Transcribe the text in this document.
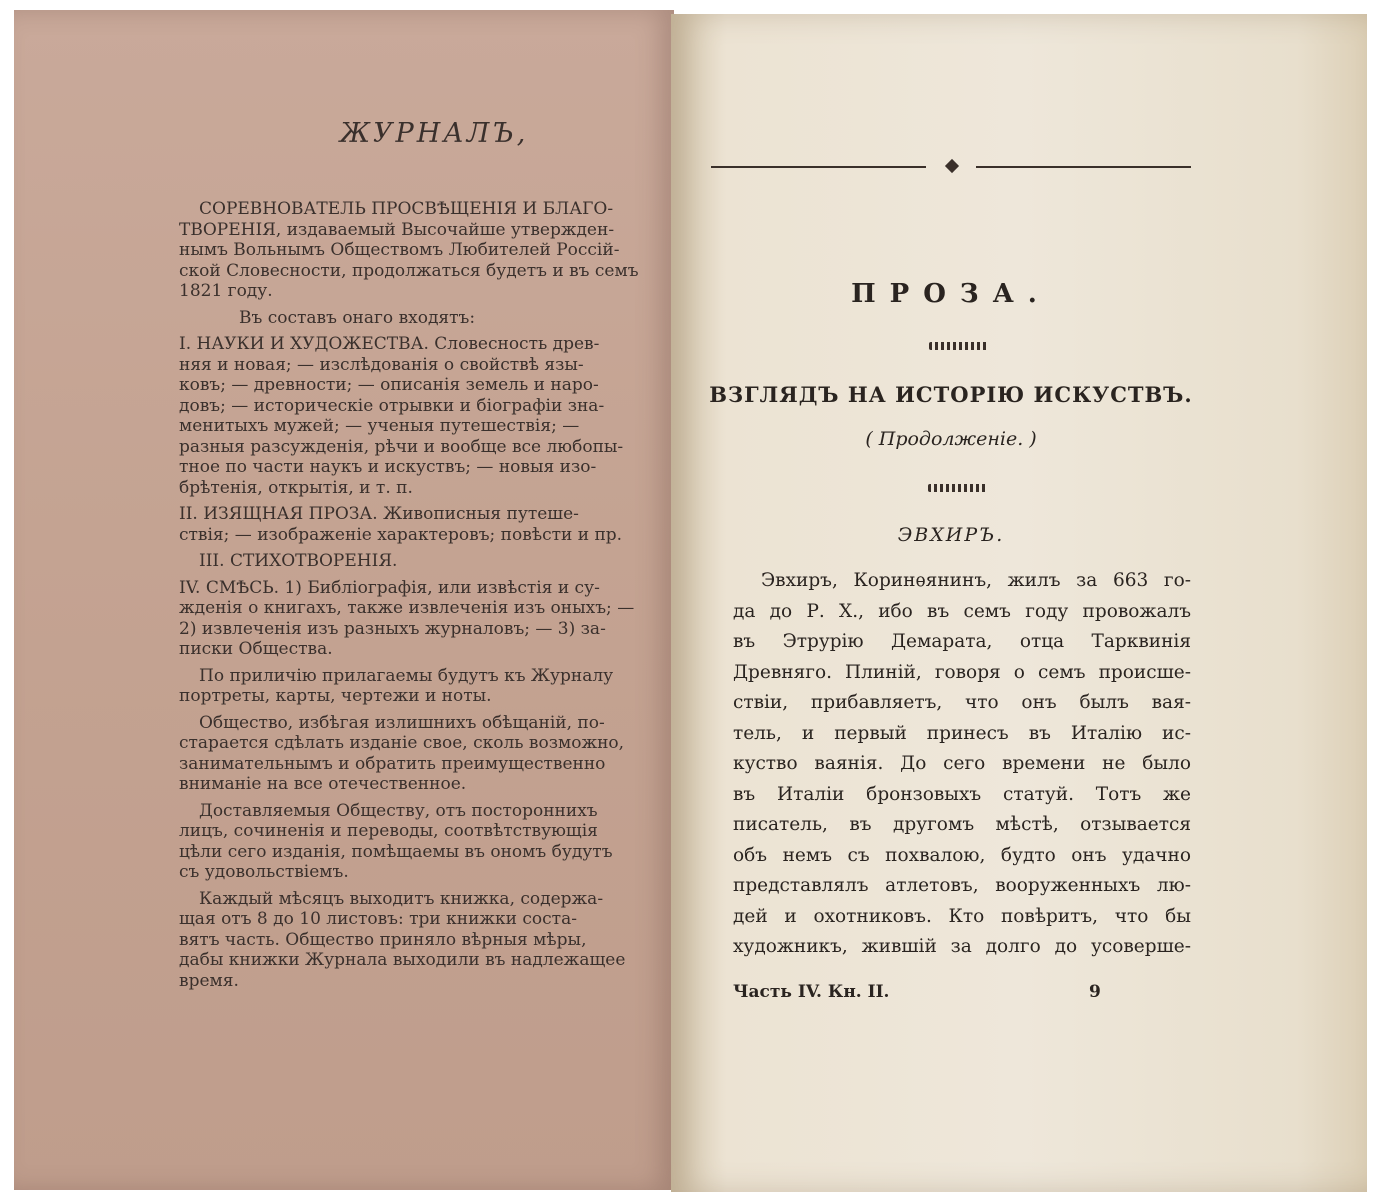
ЖУРНАЛЪ,
СОРЕВНОВАТЕЛЬ ПРОСВѢЩЕНІЯ И БЛАГО-
ТВОРЕНІЯ, издаваемый Высочайше утвержден-
нымъ Вольнымъ Обществомъ Любителей Россій-
ской Словесности, продолжаться будетъ и въ семъ
1821 году.
Въ составъ онаго входятъ:
I. НАУКИ И ХУДОЖЕСТВА. Словесность древ-
няя и новая; — изслѣдованія о свойствѣ язы-
ковъ; — древности; — описанія земель и наро-
довъ; — историческіе отрывки и біографіи зна-
менитыхъ мужей; — ученыя путешествія; —
разныя разсужденія, рѣчи и вообще все любопы-
тное по части наукъ и искуствъ; — новыя изо-
брѣтенія, открытія, и т. п.
II. ИЗЯЩНАЯ ПРОЗА. Живописныя путеше-
ствія; — изображеніе характеровъ; повѣсти и пр.
III. СТИХОТВОРЕНІЯ.
IV. СМѢСЬ. 1) Библіографія, или извѣстія и су-
жденія о книгахъ, также извлеченія изъ оныхъ; —
2) извлеченія изъ разныхъ журналовъ; — 3) за-
писки Общества.
По приличію прилагаемы будутъ къ Журналу
портреты, карты, чертежи и ноты.
Общество, избѣгая излишнихъ обѣщаній, по-
старается сдѣлать изданіе свое, сколь возможно,
занимательнымъ и обратить преимущественно
вниманіе на все отечественное.
Доставляемыя Обществу, отъ постороннихъ
лицъ, сочиненія и переводы, соотвѣтствующія
цѣли сего изданія, помѣщаемы въ ономъ будутъ
съ удовольствіемъ.
Каждый мѣсяцъ выходитъ книжка, содержа-
щая отъ 8 до 10 листовъ: три книжки соста-
вятъ часть. Общество приняло вѣрныя мѣры,
дабы книжки Журнала выходили въ надлежащее
время.
ПРОЗА.
ВЗГЛЯДЪ НА ИСТОРІЮ ИСКУСТВЪ.
( Продолженіе. )
ЭВХИРЪ.
Эвхиръ, Коринѳянинъ, жилъ за 663 го-
да до Р. Х., ибо въ семъ году провожалъ
въ Этрурію Демарата, отца Тарквинія
Древняго. Плиній, говоря о семъ происше-
ствіи, прибавляетъ, что онъ былъ вая-
тель, и первый принесъ въ Италію ис-
куство ваянія. До сего времени не было
въ Италіи бронзовыхъ статуй. Тотъ же
писатель, въ другомъ мѣстѣ, отзывается
объ немъ съ похвалою, будто онъ удачно
представлялъ атлетовъ, вооруженныхъ лю-
дей и охотниковъ. Кто повѣритъ, что бы
художникъ, жившій за долго до усоверше-
Часть IV. Кн. II.	9
